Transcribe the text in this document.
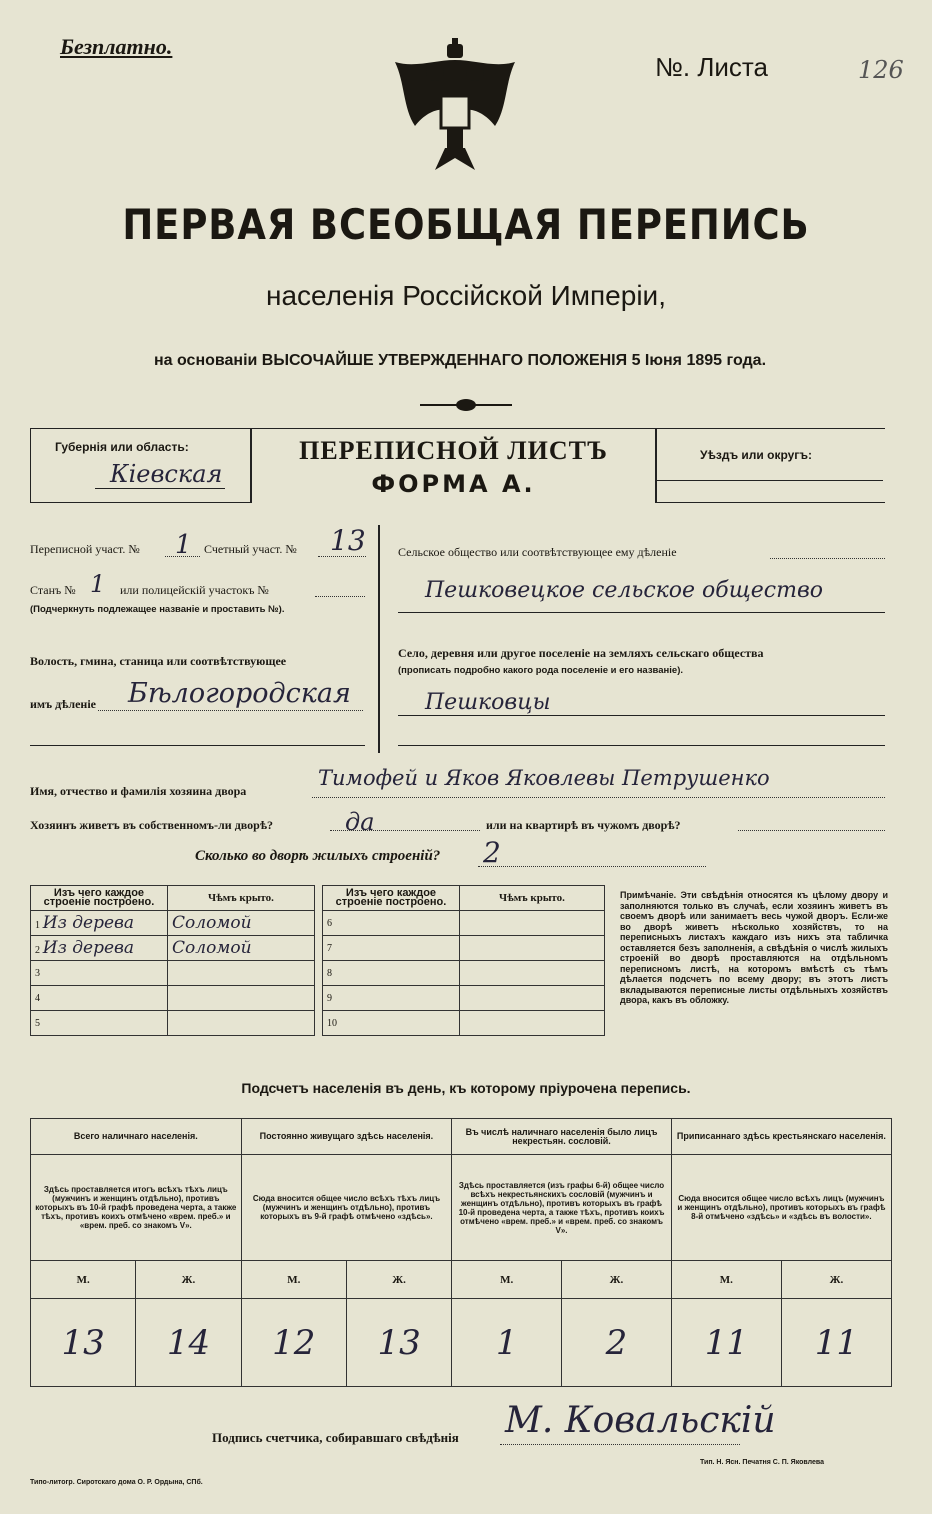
Безплатно.
№. Листа	126
ПЕРВАЯ ВСЕОБЩАЯ ПЕРЕПИСЬ
населенія Россійской Имперіи,
на основаніи ВЫСОЧАЙШЕ УТВЕРЖДЕННАГО ПОЛОЖЕНІЯ 5 Іюня 1895 года.
Губернія или область:
Кiевская
ПЕРЕПИСНОЙ ЛИСТЪ
ФОРМА А.
Уѣздъ или округъ:
Переписной участ. № 1 Счетный участ. № 13
Станъ № 1 или полицейскій участокъ №
(Подчеркнуть подлежащее названіе и проставить №).
Волость, гмина, станица или соотвѣтствующее
имъ дѣленіе Бѣлогородская
Сельское общество или соотвѣтствующее ему дѣленіе
Пешковецкое сельское общество
Село, деревня или другое поселеніе на земляхъ сельскаго общества
(прописать подробно какого рода поселеніе и его названіе).
Пешковцы
Имя, отчество и фамилія хозяина двора
Тимофей и Яков Яковлевы Петрушенко
Хозяинъ живетъ въ собственномъ-ли дворѣ?	да	или на квартирѣ въ чужомъ дворѣ?
Сколько во дворѣ жилыхъ строеній? 2
Изъ чего каждое строеніе построено.	Чѣмъ крыто.
1 Из дерева	Соломой
2 Из дерева	Соломой
3	
4	
5	
Изъ чего каждое строеніе построено.	Чѣмъ крыто.
6	
7	
8	
9	
10	
Примѣчаніе. Эти свѣдѣнія относятся къ цѣлому двору и заполняются только въ случаѣ, если хозяинъ живетъ въ своемъ дворѣ или занимаетъ весь чужой дворъ. Если-же во дворѣ живетъ нѣсколько хозяйствъ, то на переписныхъ листахъ каждаго изъ нихъ эта табличка оставляется безъ заполненія, а свѣдѣнія о числѣ жилыхъ строеній во дворѣ проставляются на отдѣльномъ переписномъ листѣ, на которомъ вмѣстѣ съ тѣмъ дѣлается подсчетъ по всему двору; въ этотъ листъ вкладываются переписные листы отдѣльныхъ хозяйствъ двора, какъ въ обложку.
Подсчетъ населенія въ день, къ которому пріурочена перепись.
Всего наличнаго населенія.		Постоянно живущаго здѣсь населенія.		Въ числѣ наличнаго населенія было лицъ некрестьян. сословій.		Приписаннаго здѣсь крестьянскаго населенія.	
Здѣсь проставляется итогъ всѣхъ тѣхъ лицъ (мужчинъ и женщинъ отдѣльно), противъ которыхъ въ 10-й графѣ проведена черта, а также тѣхъ, противъ коихъ отмѣчено «врем. преб.» и «врем. преб. со знакомъ V».		Сюда вносится общее число всѣхъ тѣхъ лицъ (мужчинъ и женщинъ отдѣльно), противъ которыхъ въ 9-й графѣ отмѣчено «здѣсь».		Здѣсь проставляется (изъ графы 6-й) общее число всѣхъ некрестьянскихъ сословій (мужчинъ и женщинъ отдѣльно), противъ которыхъ въ графѣ 10-й проведена черта, а также тѣхъ, противъ коихъ отмѣчено «врем. преб.» и «врем. преб. со знакомъ V».		Сюда вносится общее число всѣхъ лицъ (мужчинъ и женщинъ отдѣльно), противъ которыхъ въ графѣ 8-й отмѣчено «здѣсь» и «здѣсь въ волости».	
М.	Ж.	М.	Ж.	М.	Ж.	М.	Ж.
13	14	12	13	1	2	11	11
Подпись счетчика, собиравшаго свѣдѣнія М. Ковальскій
Типо-литогр. Сиротскаго дома О. Р. Ордына, СПб.
Тип. Н. Ясн. Печатня С. П. Яковлева
